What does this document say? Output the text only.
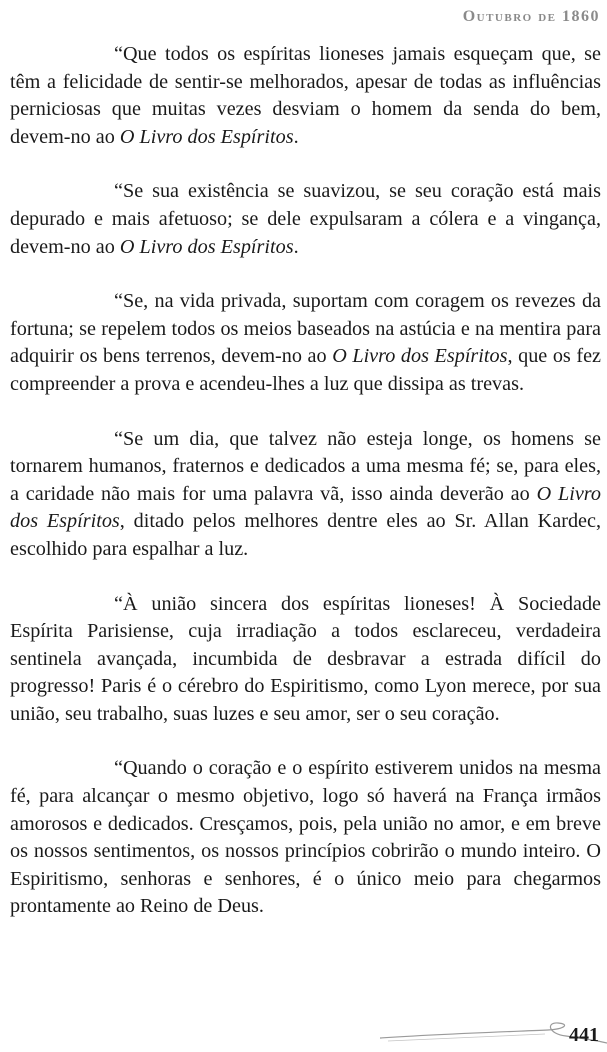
Outubro de 1860

“Que todos os espíritas lioneses jamais esqueçam que, se têm a felicidade de sentir-se melhorados, apesar de todas as influências perniciosas que muitas vezes desviam o homem da senda do bem, devem-no ao O Livro dos Espíritos.

“Se sua existência se suavizou, se seu coração está mais depurado e mais afetuoso; se dele expulsaram a cólera e a vingança, devem-no ao O Livro dos Espíritos.

“Se, na vida privada, suportam com coragem os revezes da fortuna; se repelem todos os meios baseados na astúcia e na mentira para adquirir os bens terrenos, devem-no ao O Livro dos Espíritos, que os fez compreender a prova e acendeu-lhes a luz que dissipa as trevas.

“Se um dia, que talvez não esteja longe, os homens se tornarem humanos, fraternos e dedicados a uma mesma fé; se, para eles, a caridade não mais for uma palavra vã, isso ainda deverão ao O Livro dos Espíritos, ditado pelos melhores dentre eles ao Sr. Allan Kardec, escolhido para espalhar a luz.

“À união sincera dos espíritas lioneses! À Sociedade Espírita Parisiense, cuja irradiação a todos esclareceu, verdadeira sentinela avançada, incumbida de desbravar a estrada difícil do progresso! Paris é o cérebro do Espiritismo, como Lyon merece, por sua união, seu trabalho, suas luzes e seu amor, ser o seu coração.

“Quando o coração e o espírito estiverem unidos na mesma fé, para alcançar o mesmo objetivo, logo só haverá na França irmãos amorosos e dedicados. Cresçamos, pois, pela união no amor, e em breve os nossos sentimentos, os nossos princípios cobrirão o mundo inteiro. O Espiritismo, senhoras e senhores, é o único meio para chegarmos prontamente ao Reino de Deus.

441
